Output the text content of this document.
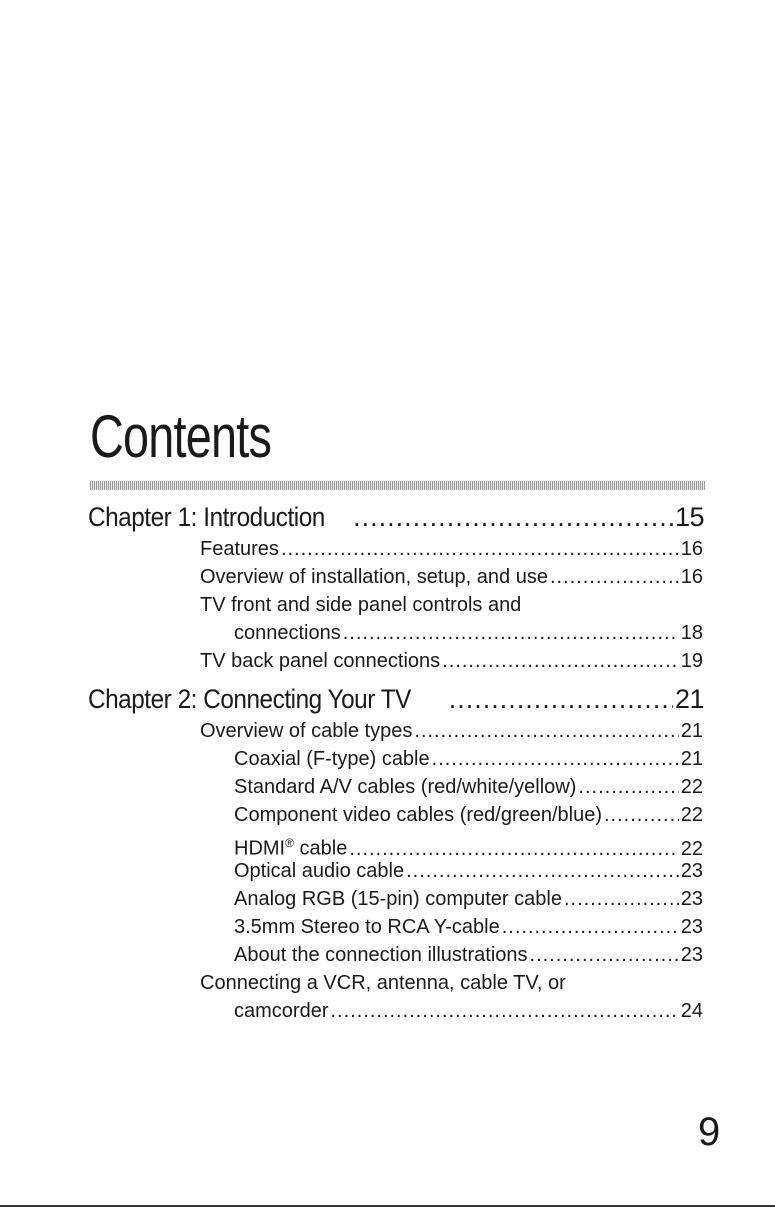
Contents
Chapter 1: Introduction .....	15
Features .....	16
Overview of installation, setup, and use .....	16
TV front and side panel controls and
connections .....	18
TV back panel connections .....	19
Chapter 2: Connecting Your TV .....	21
Overview of cable types .....	21
Coaxial (F-type) cable .....	21
Standard A/V cables (red/white/yellow) .....	22
Component video cables (red/green/blue) .....	22
HDMI® cable .....	22
Optical audio cable .....	23
Analog RGB (15-pin) computer cable .....	23
3.5mm Stereo to RCA Y-cable .....	23
About the connection illustrations .....	23
Connecting a VCR, antenna, cable TV, or
camcorder .....	24
9
